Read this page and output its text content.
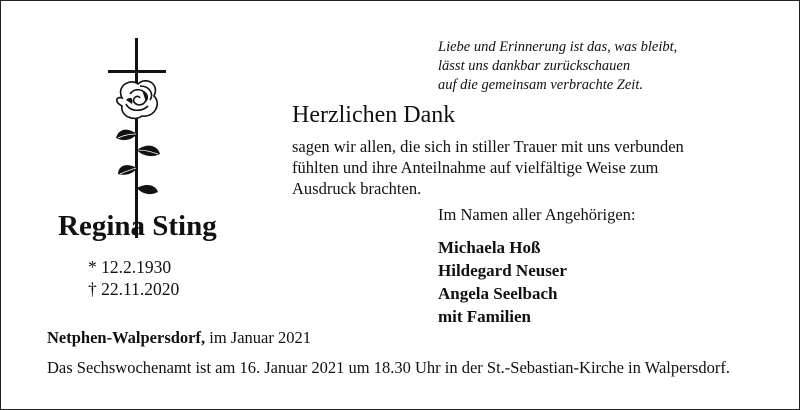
Liebe und Erinnerung ist das, was bleibt,
lässt uns dankbar zurückschauen
auf die gemeinsam verbrachte Zeit.
Herzlichen Dank
sagen wir allen, die sich in stiller Trauer mit uns verbunden
fühlten und ihre Anteilnahme auf vielfältige Weise zum
Ausdruck brachten.
Im Namen aller Angehörigen:
Michaela Hoß
Hildegard Neuser
Angela Seelbach
mit Familien
Regina Sting
* 12.2.1930
† 22.11.2020
Netphen-Walpersdorf, im Januar 2021
Das Sechswochenamt ist am 16. Januar 2021 um 18.30 Uhr in der St.-Sebastian-Kirche in Walpersdorf.
